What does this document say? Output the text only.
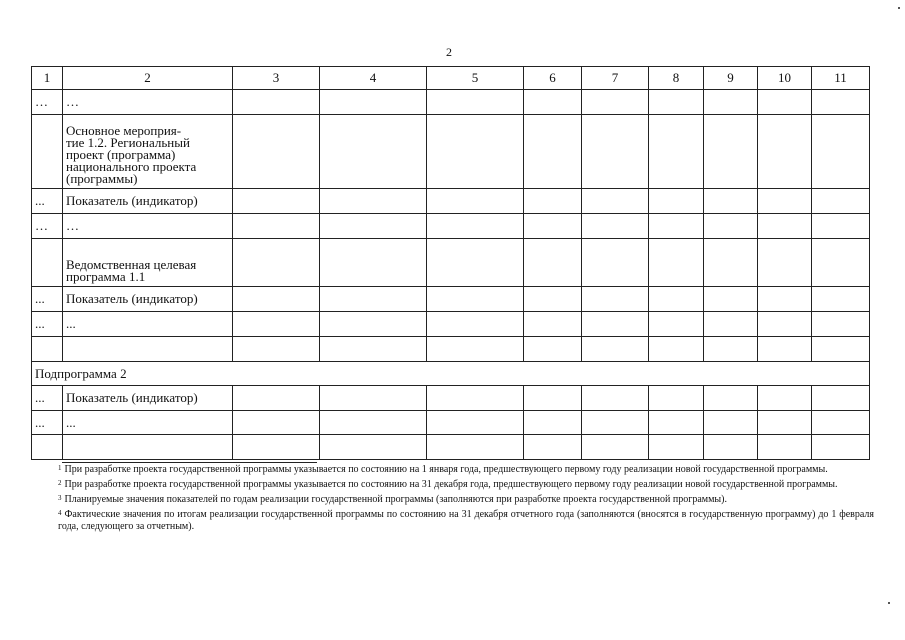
2
1	2	3	4	5	6	7	8	9	10	11
…	…									
	Основное мероприя-
тие 1.2. Региональный
проект (программа)
национального проекта
(программы)									
...	Показатель (индикатор)									
…	…									
	Ведомственная целевая
программа 1.1									
...	Показатель (индикатор)									
...	...									

Подпрограмма 2										
...	Показатель (индикатор)									
...	...									

$^1$ При разработке проекта государственной программы указывается по состоянию на 1 января года, предшествующего первому году реализации новой государственной программы.

$^2$ При разработке проекта государственной программы указывается по состоянию на 31 декабря года, предшествующего первому году реализации новой государственной программы.

$^3$ Планируемые значения показателей по годам реализации государственной программы (заполняются при разработке проекта государственной программы).

$^4$ Фактические значения по итогам реализации государственной программы по состоянию на 31 декабря отчетного года (заполняются (вносятся в государственную программу) до 1 февраля года, следующего за отчетным).
